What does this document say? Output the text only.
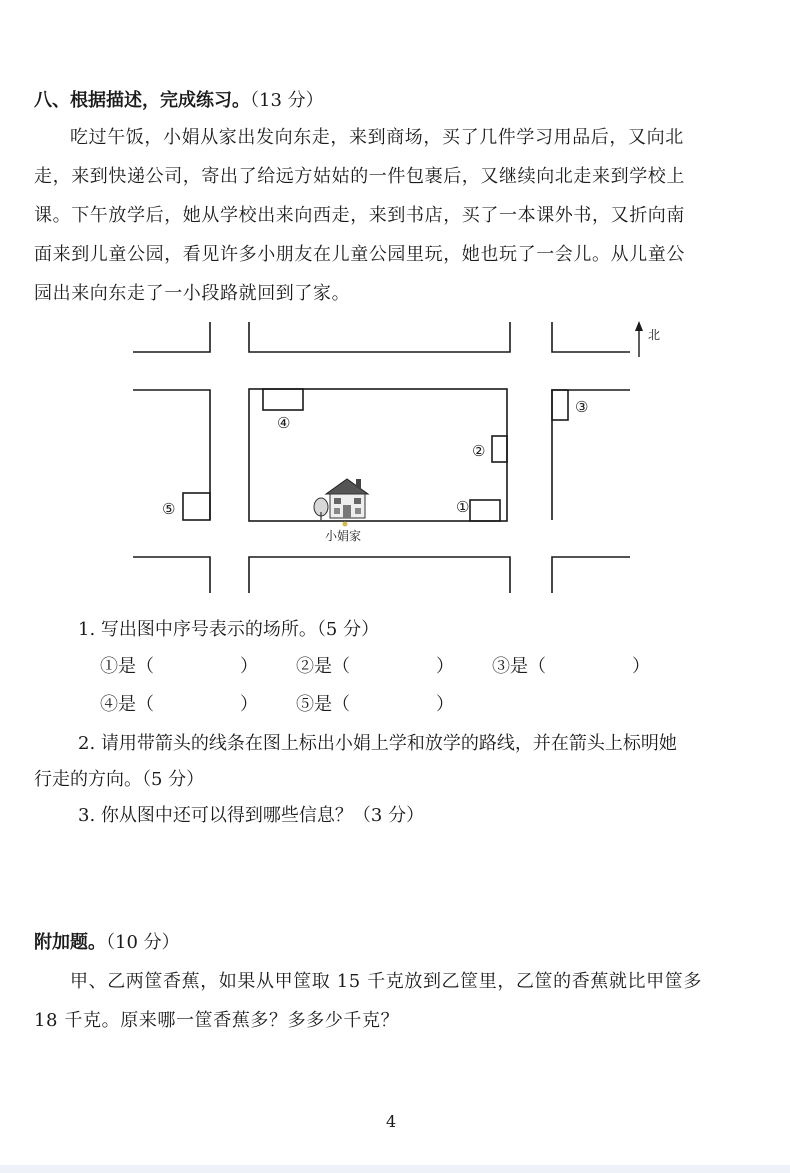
八、根据描述，完成练习。（13 分）

吃过午饭，小娟从家出发向东走，来到商场，买了几件学习用品后，又向北

走，来到快递公司，寄出了给远方姑姑的一件包裹后，又继续向北走来到学校上

课。下午放学后，她从学校出来向西走，来到书店，买了一本课外书，又折向南

面来到儿童公园，看见许多小朋友在儿童公园里玩，她也玩了一会儿。从儿童公

园出来向东走了一小段路就回到了家。

北
①
②
③
④
⑤
小娟家
1. 写出图中序号表示的场所。（5 分）
①是（	） ②是（	） ③是（	）
④是（	） ⑤是（	）
2. 请用带箭头的线条在图上标出小娟上学和放学的路线，并在箭头上标明她
行走的方向。（5 分）
3. 你从图中还可以得到哪些信息？（3 分）
附加题。（10 分）

甲、乙两筐香蕉，如果从甲筐取 15 千克放到乙筐里，乙筐的香蕉就比甲筐多

18 千克。原来哪一筐香蕉多？多多少千克？

4
